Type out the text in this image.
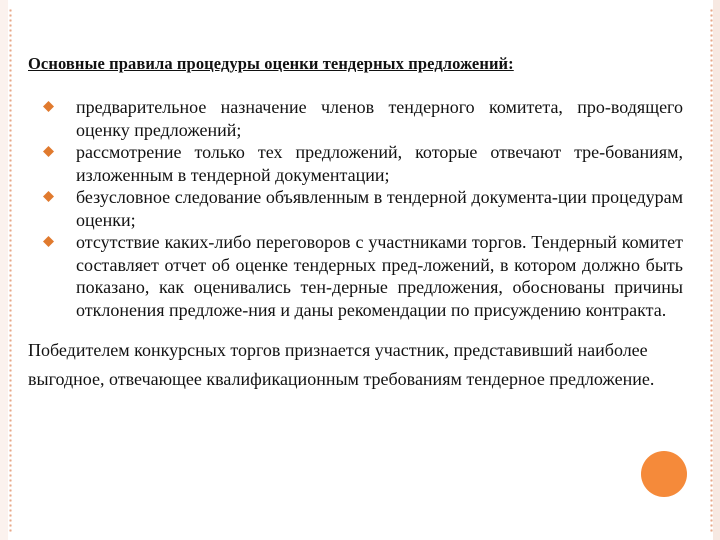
Основные правила процедуры оценки тендерных предложений:
предварительное назначение членов тендерного комитета, про-водящего оценку предложений;
рассмотрение только тех предложений, которые отвечают тре-бованиям, изложенным в тендерной документации;
безусловное следование объявленным в тендерной документа-ции процедурам оценки;
отсутствие каких-либо переговоров с участниками торгов. Тендерный комитет составляет отчет об оценке тендерных пред-ложений, в котором должно быть показано, как оценивались тен-дерные предложения, обоснованы причины отклонения предложе-ния и даны рекомендации по присуждению контракта.
Победителем конкурсных торгов признается участник, представивший наиболее выгодное, отвечающее квалификационным требованиям тендерное предложение.
